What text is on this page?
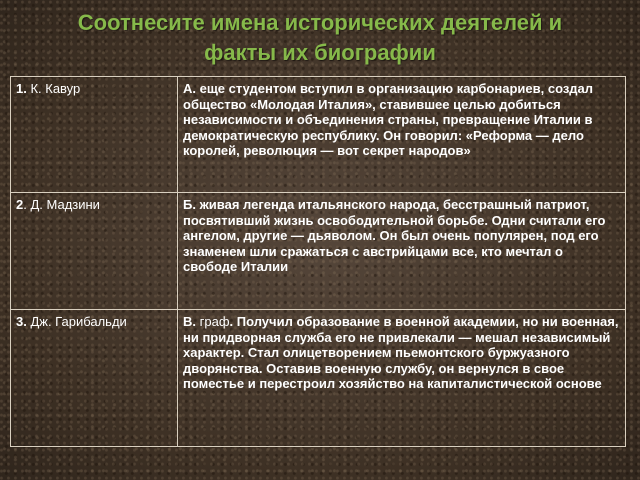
Соотнесите имена исторических деятелей и
факты их биографии
1. К. Кавур	А. еще студентом вступил в организацию карбонариев, создал общество «Молодая Италия», ставившее целью добиться независимости и объединения страны, превращение Италии в демократическую республику. Он говорил: «Реформа — дело королей, революция — вот секрет народов»
2. Д. Мадзини	Б. живая легенда итальянского народа, бесстрашный патриот, посвятивший жизнь освободительной борьбе. Одни считали его ангелом, другие — дьяволом. Он был очень популярен, под его знаменем шли сражаться с австрийцами все, кто мечтал о свободе Италии
3. Дж. Гарибальди	В. граф. Получил образование в военной академии, но ни военная, ни придворная служба его не привлекали — мешал независимый характер. Стал олицетворением пьемонтского буржуазного дворянства. Оставив военную службу, он вернулся в свое поместье и перестроил хозяйство на капиталистической основе
